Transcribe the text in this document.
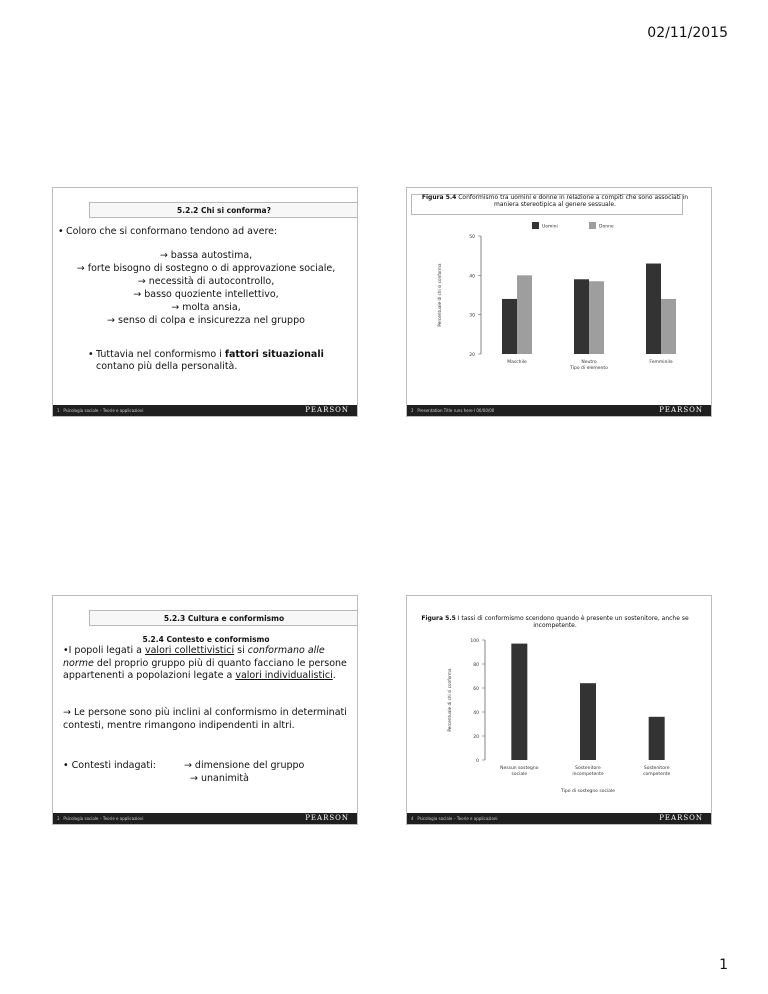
02/11/2015
5.2.2 Chi si conforma?
• Coloro che si conformano tendono ad avere:
→ bassa autostima,
→ forte bisogno di sostegno o di approvazione sociale,
→ necessità di autocontrollo,
→ basso quoziente intellettivo,
→ molta ansia,
→ senso di colpa e insicurezza nel gruppo
• Tuttavia nel conformismo i fattori situazionali
contano più della personalità.
1 Psicologia sociale – Teorie e applicazioni	PEARSON
Figura 5.4 Conformismo tra uomini e donne in relazione a compiti che sono associati in maniera stereotipica al genere sessuale.
20
30
40
50
Percentuale di chi si conforma
Maschile	Neutro	Femminile
Tipo di elemento
Uomini	Donne
2 Presentation Title runs here l 00/00/00	PEARSON
5.2.3 Cultura e conformismo
5.2.4 Contesto e conformismo
•I popoli legati a valori collettivistici si conformano alle norme del proprio gruppo più di quanto facciano le persone appartenenti a popolazioni legate a valori individualistici.
→ Le persone sono più inclini al conformismo in determinati contesti, mentre rimangono indipendenti in altri.
• Contesti indagati:	→ dimensione del gruppo
→ unanimità
3 Psicologia sociale – Teorie e applicazioni	PEARSON
Figura 5.5 I tassi di conformismo scendono quando è presente un sostenitore, anche se incompetente.
0
20
40
60
80
100
Percentuale di chi si conforma
Nessun sostegno sociale
Sostenitore incompetente
Sostenitore competente
Tipo di sostegno sociale
4 Psicologia sociale – Teorie e applicazioni	PEARSON
1
